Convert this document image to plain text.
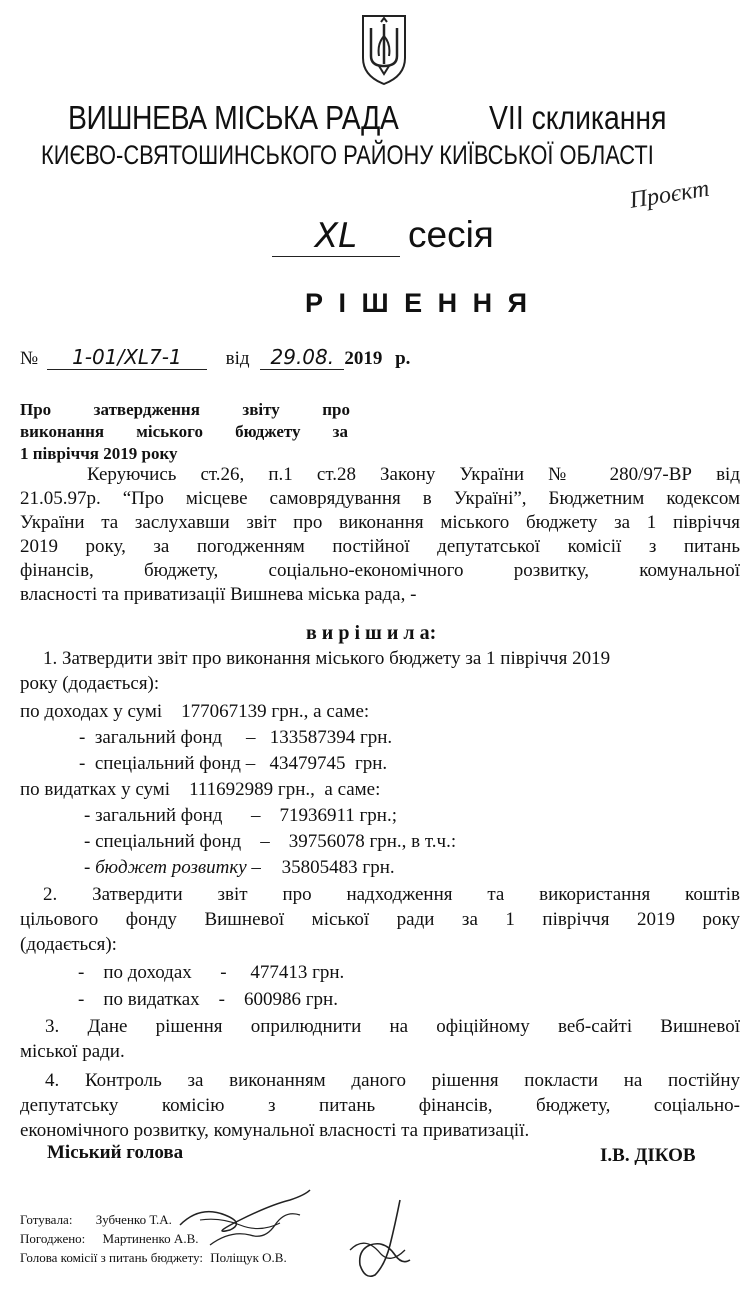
ВИШНЕВА МІСЬКА РАДА	VII скликання
КИЄВО-СВЯТОШИНСЬКОГО РАЙОНУ КИЇВСЬКОЇ ОБЛАСТІ
Проєкт
XL сесія
Р І Ш Е Н Н Я
№ 1-01/XL7-1 від 29.08. 2019 р.
Про затвердження звіту про
виконання міського бюджету за
1 півріччя 2019 року
Керуючись ст.26, п.1 ст.28 Закону України № 280/97-ВР від
21.05.97р. “Про місцеве самоврядування в Україні”, Бюджетним кодексом
України та заслухавши звіт про виконання міського бюджету за 1 півріччя
2019 року, за погодженням постійної депутатської комісії з питань
фінансів, бюджету, соціально-економічного розвитку, комунальної
власності та приватизації Вишнева міська рада, -
в и р і ш и л а:
1. Затвердити звіт про виконання міського бюджету за 1 півріччя 2019
року (додається):
по доходах у сумі    177067139 грн., а саме:
-  загальний фонд     –   133587394 грн.
-  спеціальний фонд –   43479745  грн.
по видатках у сумі    111692989 грн.,  а саме:
- загальний фонд      –    71936911 грн.;
- спеціальний фонд    –    39756078 грн., в т.ч.:
- бюджет розвитку – 35805483 грн.
2. Затвердити звіт про надходження та використання коштів
цільового фонду Вишневої міської ради за 1 півріччя 2019 року
(додається):
-    по доходах      -     477413 грн.
-    по видатках    -    600986 грн.
3. Дане рішення оприлюднити на офіційному веб-сайті Вишневої
міської ради.
4. Контроль за виконанням даного рішення покласти на постійну
депутатську комісію з питань фінансів, бюджету, соціально-
економічного розвитку, комунальної власності та приватизації.
Міський голова	І.В. ДІКОВ
Готувала: Зубченко Т.А.
Погоджено: Мартиненко А.В.
Голова комісії з питань бюджету: Поліщук О.В.
